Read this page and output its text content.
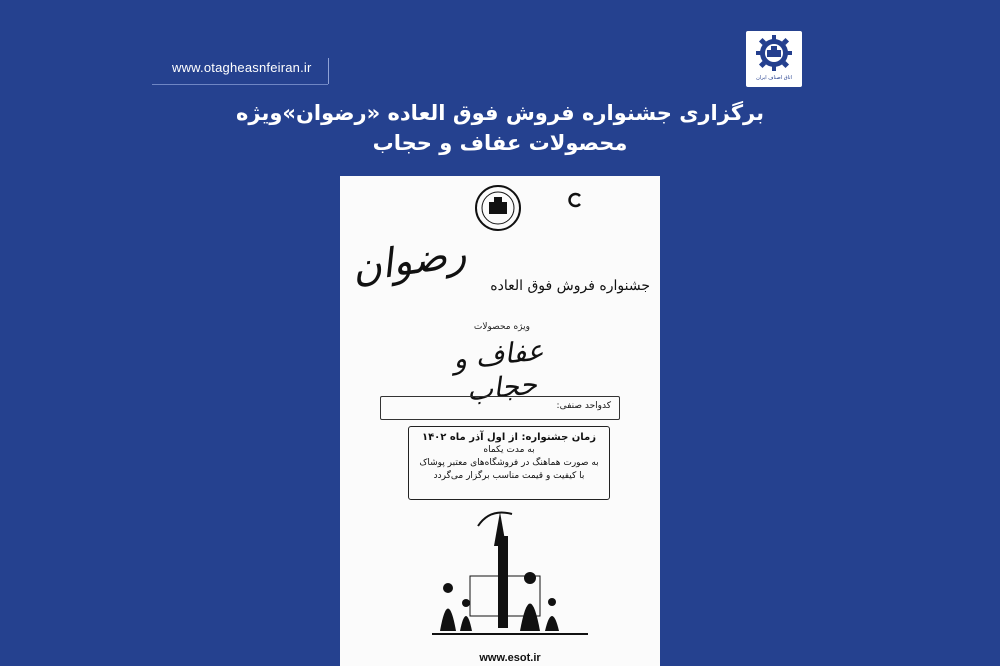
www.otagheasnfeiran.ir
اتاق اصناف ایران
برگزاری جشنواره فروش فوق العاده «رضوان»ویژه
محصولات عفاف و حجاب
جشنواره فروش فوق العاده
رضوان
ویژه محصولات
عفاف و حجاب	کدواحد صنفی:
زمان جشنواره: از اول آذر ماه ۱۴۰۲
به مدت یکماه
به صورت هماهنگ در فروشگاه‌های معتبر پوشاک
با کیفیت و قیمت مناسب برگزار می‌گردد
www.esot.ir
